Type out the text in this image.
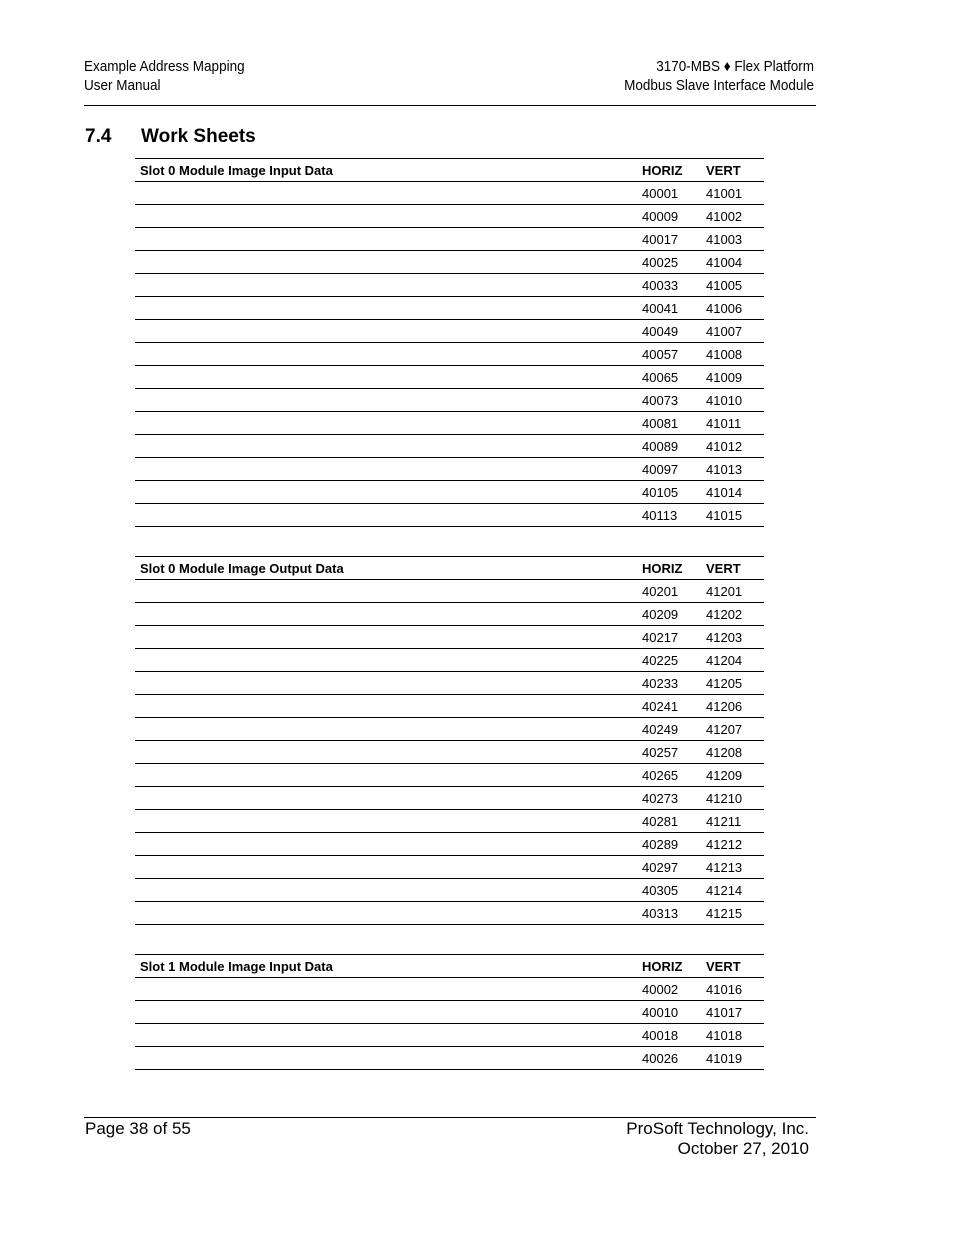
Example Address Mapping
User Manual
3170-MBS ♦ Flex Platform
Modbus Slave Interface Module
7.4 Work Sheets
Slot 0 Module Image Input Data	HORIZ	VERT
	40001	41001
	40009	41002
	40017	41003
	40025	41004
	40033	41005
	40041	41006
	40049	41007
	40057	41008
	40065	41009
	40073	41010
	40081	41011
	40089	41012
	40097	41013
	40105	41014
	40113	41015
Slot 0 Module Image Output Data	HORIZ	VERT
	40201	41201
	40209	41202
	40217	41203
	40225	41204
	40233	41205
	40241	41206
	40249	41207
	40257	41208
	40265	41209
	40273	41210
	40281	41211
	40289	41212
	40297	41213
	40305	41214
	40313	41215
Slot 1 Module Image Input Data	HORIZ	VERT
	40002	41016
	40010	41017
	40018	41018
	40026	41019
Page 38 of 55	ProSoft Technology, Inc.
October 27, 2010
